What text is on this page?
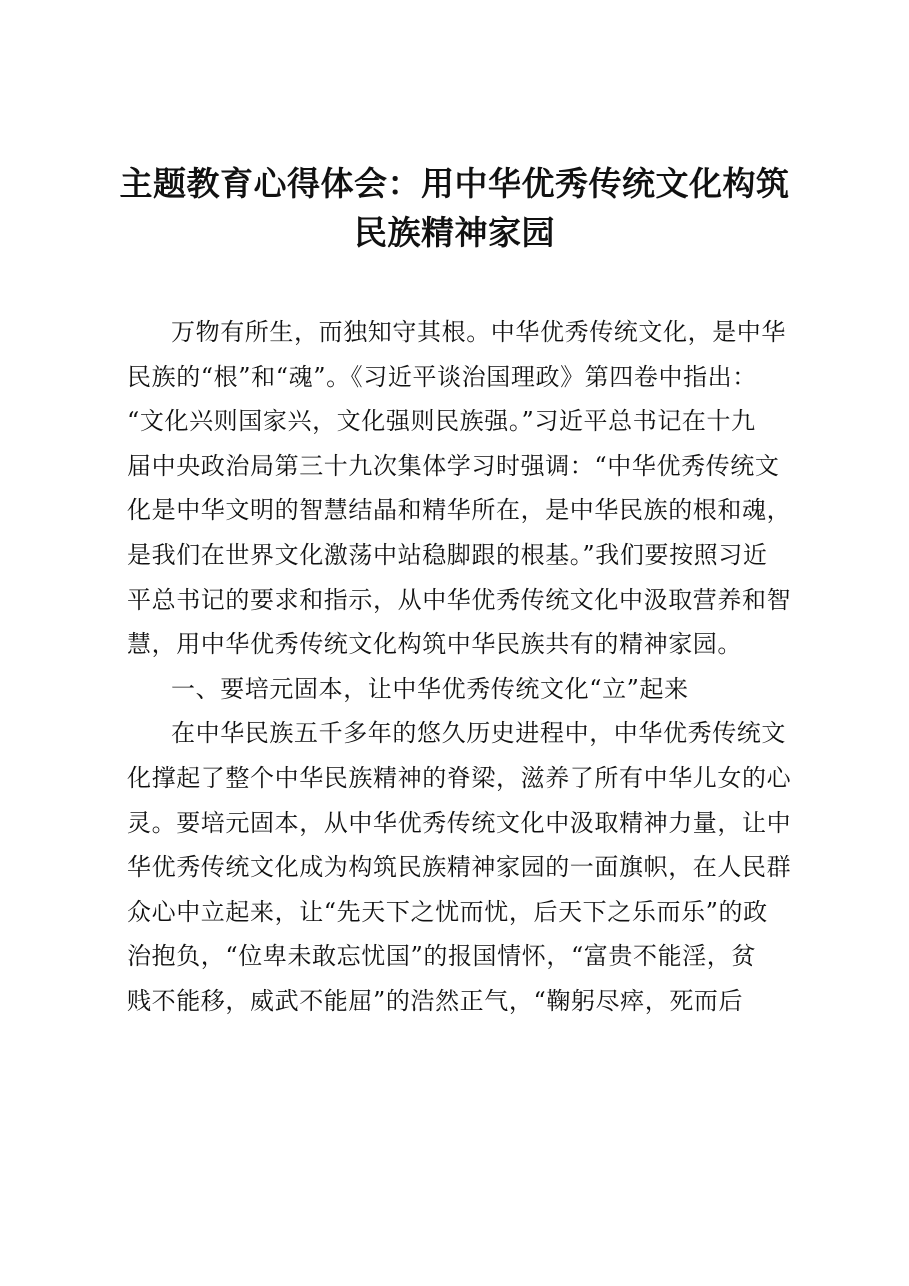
主题教育心得体会：用中华优秀传统文化构筑
民族精神家园
万物有所生，而独知守其根。中华优秀传统文化，是中华
民族的“根”和“魂”。《习近平谈治国理政》第四卷中指出：
“文化兴则国家兴，文化强则民族强。”习近平总书记在十九
届中央政治局第三十九次集体学习时强调：“中华优秀传统文
化是中华文明的智慧结晶和精华所在，是中华民族的根和魂，
是我们在世界文化激荡中站稳脚跟的根基。”我们要按照习近
平总书记的要求和指示，从中华优秀传统文化中汲取营养和智
慧，用中华优秀传统文化构筑中华民族共有的精神家园。
一、要培元固本，让中华优秀传统文化“立”起来
在中华民族五千多年的悠久历史进程中，中华优秀传统文
化撑起了整个中华民族精神的脊梁，滋养了所有中华儿女的心
灵。要培元固本，从中华优秀传统文化中汲取精神力量，让中
华优秀传统文化成为构筑民族精神家园的一面旗帜，在人民群
众心中立起来，让“先天下之忧而忧，后天下之乐而乐”的政
治抱负，“位卑未敢忘忧国”的报国情怀，“富贵不能淫，贫
贱不能移，威武不能屈”的浩然正气，“鞠躬尽瘁，死而后
